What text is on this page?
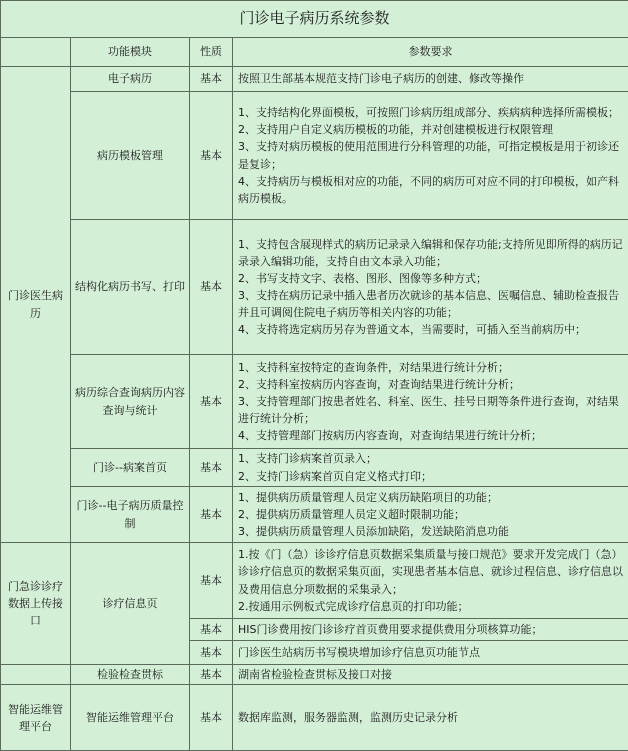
门诊电子病历系统参数			
	功能模块	性质	参数要求
门诊医生病历	电子病历	基本	按照卫生部基本规范支持门诊电子病历的创建、修改等操作

	病历模板管理	基本	1、支持结构化界面模板，可按照门诊病历组成部分、疾病病种选择所需模板；
2、支持用户自定义病历模板的功能，并对创建模板进行权限管理
3、支持对病历模板的使用范围进行分科管理的功能，可指定模板是用于初诊还是复诊；
4、支持病历与模板相对应的功能，不同的病历可对应不同的打印模板，如产科病历模板。

	结构化病历书写、打印	基本	1、支持包含展现样式的病历记录录入编辑和保存功能;支持所见即所得的病历记录录入编辑功能，支持自由文本录入功能；
2、书写支持文字、表格、图形、图像等多种方式；
3、支持在病历记录中插入患者历次就诊的基本信息、医嘱信息、辅助检查报告并且可调阅住院电子病历等相关内容的功能；
4、支持将选定病历另存为普通文本，当需要时，可插入至当前病历中；

	病历综合查询病历内容查询与统计	基本	1、支持科室按特定的查询条件，对结果进行统计分析；
2、支持科室按病历内容查询，对查询结果进行统计分析；
3、支持管理部门按患者姓名、科室、医生、挂号日期等条件进行查询，对结果进行统计分析；
4、支持管理部门按病历内容查询，对查询结果进行统计分析；

	门诊--病案首页	基本	1、支持门诊病案首页录入；
2、支持门诊病案首页自定义格式打印；

	门诊--电子病历质量控制	基本	1、提供病历质量管理人员定义病历缺陷项目的功能；
2、提供病历质量管理人员定义超时限制功能；
3、提供病历质量管理人员添加缺陷，发送缺陷消息功能

门急诊诊疗数据上传接口	诊疗信息页	基本	1.按《门（急）诊诊疗信息页数据采集质量与接口规范》要求开发完成门（急）诊诊疗信息页的数据采集页面，实现患者基本信息、就诊过程信息、诊疗信息以及费用信息分项数据的采集录入；
2.按通用示例板式完成诊疗信息页的打印功能；

		基本	HIS门诊费用按门诊诊疗首页费用要求提供费用分项核算功能；

		基本	门诊医生站病历书写模块增加诊疗信息页功能节点

	检验检查贯标	基本	湖南省检验检查贯标及接口对接

智能运维管理平台	智能运维管理平台	基本	数据库监测，服务器监测，监测历史记录分析
